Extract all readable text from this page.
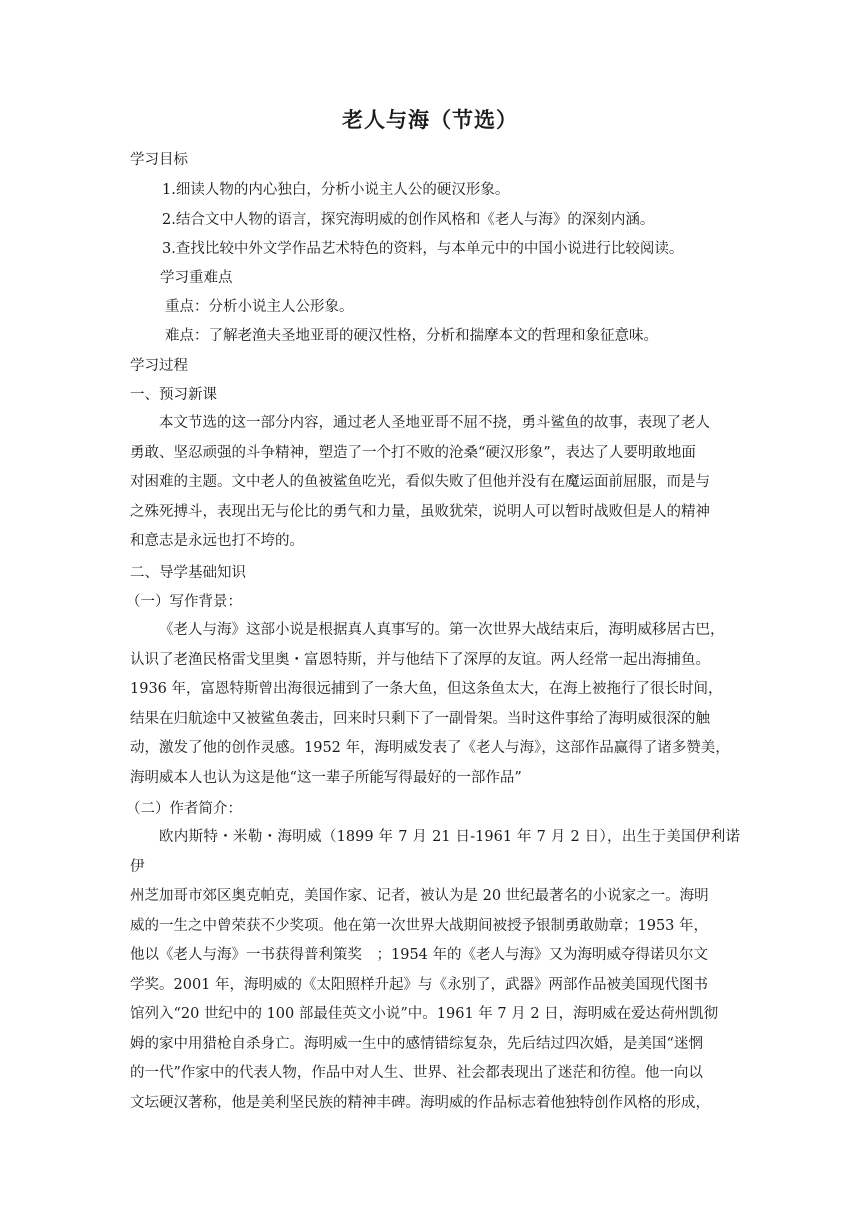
老人与海（节选）
学习目标
1.细读人物的内心独白，分析小说主人公的硬汉形象。
2.结合文中人物的语言，探究海明威的创作风格和《老人与海》的深刻内涵。
3.查找比较中外文学作品艺术特色的资料，与本单元中的中国小说进行比较阅读。
学习重难点
重点：分析小说主人公形象。
难点：了解老渔夫圣地亚哥的硬汉性格，分析和揣摩本文的哲理和象征意味。
学习过程
一、预习新课
本文节选的这一部分内容，通过老人圣地亚哥不屈不挠，勇斗鲨鱼的故事，表现了老人
勇敢、坚忍顽强的斗争精神，塑造了一个打不败的沧桑“硬汉形象”，表达了人要明敢地面
对困难的主题。文中老人的鱼被鲨鱼吃光，看似失败了但他并没有在魔运面前屈服，而是与
之殊死搏斗，表现出无与伦比的勇气和力量，虽败犹荣，说明人可以暂时战败但是人的精神
和意志是永远也打不垮的。
二、导学基础知识
（一）写作背景：
《老人与海》这部小说是根据真人真事写的。第一次世界大战结束后，海明威移居古巴，
认识了老渔民格雷戈里奥・富恩特斯，并与他结下了深厚的友谊。两人经常一起出海捕鱼。
1936 年，富恩特斯曾出海很远捕到了一条大鱼，但这条鱼太大，在海上被拖行了很长时间，
结果在归航途中又被鲨鱼袭击，回来时只剩下了一副骨架。当时这件事给了海明威很深的触
动，激发了他的创作灵感。1952 年，海明威发表了《老人与海》，这部作品赢得了诸多赞美，
海明威本人也认为这是他“这一辈子所能写得最好的一部作品”
（二）作者简介：
欧内斯特・米勒・海明威（1899 年 7 月 21 日-1961 年 7 月 2 日），出生于美国伊利诺伊
州芝加哥市郊区奥克帕克，美国作家、记者，被认为是 20 世纪最著名的小说家之一。海明
威的一生之中曾荣获不少奖项。他在第一次世界大战期间被授予银制勇敢勋章；1953 年，
他以《老人与海》一书获得普利策奖　；1954 年的《老人与海》又为海明威夺得诺贝尔文
学奖。2001 年，海明威的《太阳照样升起》与《永别了，武器》两部作品被美国现代图书
馆列入“20 世纪中的 100 部最佳英文小说”中。1961 年 7 月 2 日，海明威在爱达荷州凯彻
姆的家中用猎枪自杀身亡。海明威一生中的感情错综复杂，先后结过四次婚，是美国“迷惘
的一代”作家中的代表人物，作品中对人生、世界、社会都表现出了迷茫和彷徨。他一向以
文坛硬汉著称，他是美利坚民族的精神丰碑。海明威的作品标志着他独特创作风格的形成，
